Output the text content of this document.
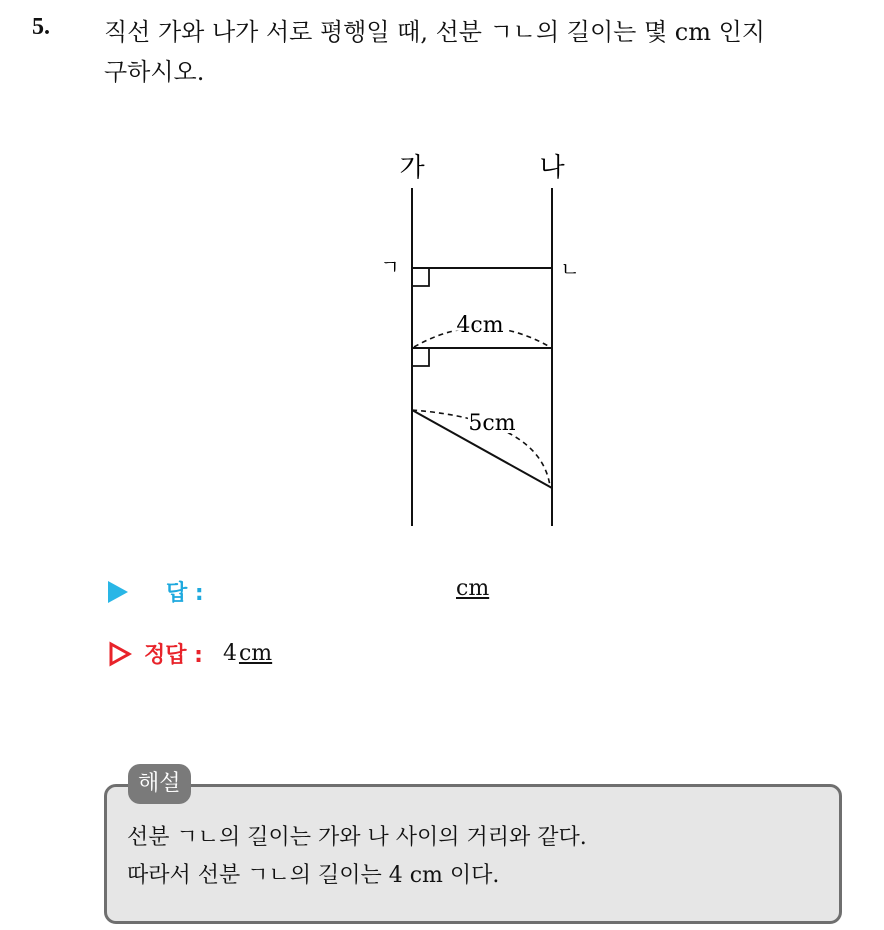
5. 직선 가와 나가 서로 평행일 때, 선분 ㄱㄴ의 길이는 몇 cm 인지

구하시오.

가	나
ㄱ	ㄴ
4cm
5cm
답 :	cm
정답 : 4cm
해설

선분 ㄱㄴ의 길이는 가와 나 사이의 거리와 같다.

따라서 선분 ㄱㄴ의 길이는 4 cm 이다.
